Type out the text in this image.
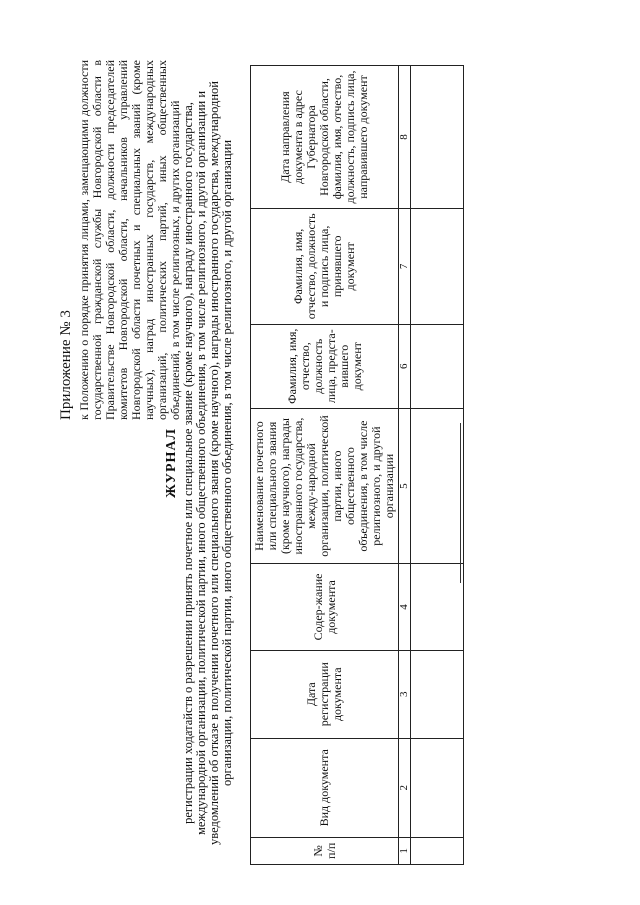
Приложение № 3 к Положению о порядке принятия лицами, замещающими должности государственной гражданской службы Новгородской области в Правительстве Новгородской области, должности председателей комитетов Новгородской области, начальников управлений Новгородской области почетных и специальных званий (кроме научных), наград иностранных государств, международных организаций, политических партий, иных общественных объединений, в том числе религиозных, и других организаций
ЖУРНАЛ регистрации ходатайств о разрешении принять почетное или специальное звание (кроме научного), награду иностранного государства, международной организации, политической партии, иного общественного объединения, в том числе религиозного, и другой организации и уведомлений об отказе в получении почетного или специального звания (кроме научного), награды иностранного государства, международной организации, политической партии, иного общественного объединения, в том числе религиозного, и другой организации
№ п/п	Вид документа	Дата регистрации документа	Содер-жание документа	Наименование почетного или специального звания (кроме научного), награды иностранного государства, между-народной организации, политической партии, иного общественного объединения, в том числе религиозного, и другой организации	Фамилия, имя, отчество, должность лица, предста-вившего документ	Фамилия, имя, отчество, должность и подпись лица, принявшего документ	Дата направления документа в адрес Губернатора Новгородской области, фамилия, имя, отчество, должность, подпись лица, направившего документ
1	2	3	4	5	6	7	8
